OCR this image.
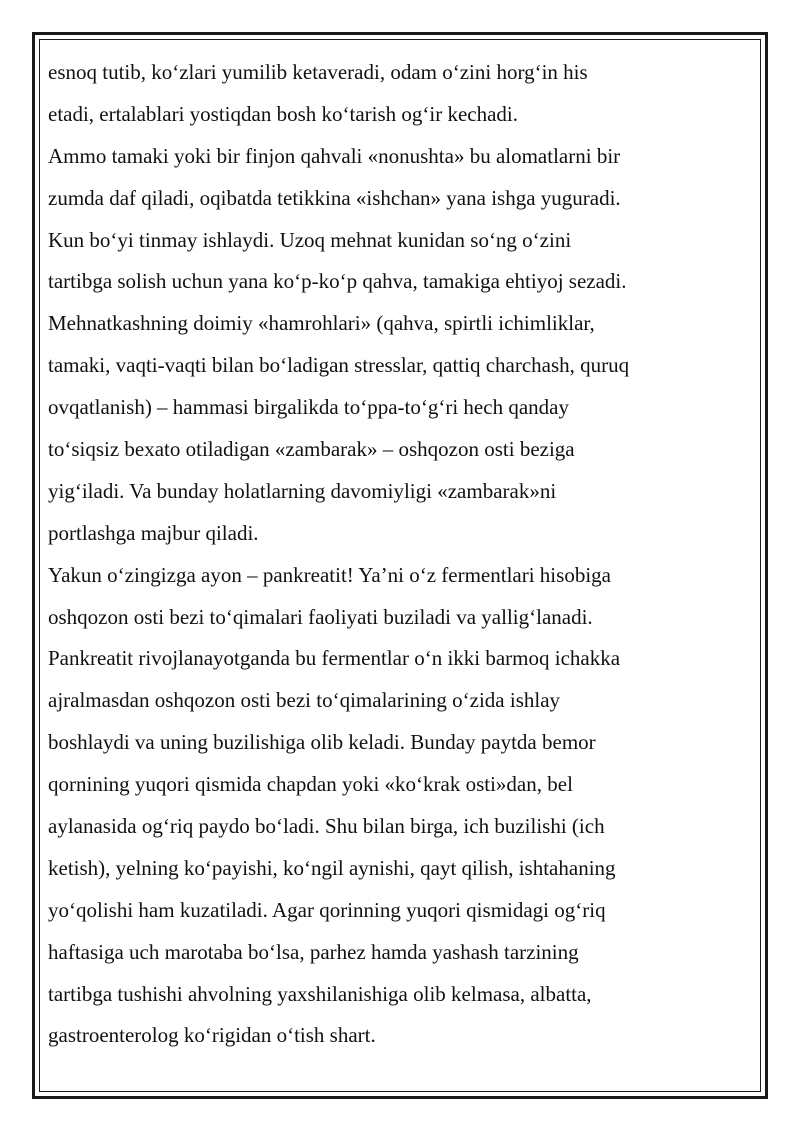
esnoq tutib, ko‘zlari yumilib ketaveradi, odam o‘zini horg‘in his
etadi, ertalablari yostiqdan bosh ko‘tarish og‘ir kechadi.
Ammo tamaki yoki bir finjon qahvali «nonushta» bu alomatlarni bir
zumda daf qiladi, oqibatda tetikkina «ishchan» yana ishga yuguradi.
Kun bo‘yi tinmay ishlaydi. Uzoq mehnat kunidan so‘ng o‘zini
tartibga solish uchun yana ko‘p-ko‘p qahva, tamakiga ehtiyoj sezadi.
Mehnatkashning doimiy «hamrohlari» (qahva, spirtli ichimliklar,
tamaki, vaqti-vaqti bilan bo‘ladigan stresslar, qattiq charchash, quruq
ovqatlanish) – hammasi birgalikda to‘ppa-to‘g‘ri hech qanday
to‘siqsiz bexato otiladigan «zambarak» – oshqozon osti beziga
yig‘iladi. Va bunday holatlarning davomiyligi «zambarak»ni
portlashga majbur qiladi.
Yakun o‘zingizga ayon – pankreatit! Ya’ni o‘z fermentlari hisobiga
oshqozon osti bezi to‘qimalari faoliyati buziladi va yallig‘lanadi.
Pankreatit rivojlanayotganda bu fermentlar o‘n ikki barmoq ichakka
ajralmasdan oshqozon osti bezi to‘qimalarining o‘zida ishlay
boshlaydi va uning buzilishiga olib keladi. Bunday paytda bemor
qornining yuqori qismida chapdan yoki «ko‘krak osti»dan, bel
aylanasida og‘riq paydo bo‘ladi. Shu bilan birga, ich buzilishi (ich
ketish), yelning ko‘payishi, ko‘ngil aynishi, qayt qilish, ishtahaning
yo‘qolishi ham kuzatiladi. Agar qorinning yuqori qismidagi og‘riq
haftasiga uch marotaba bo‘lsa, parhez hamda yashash tarzining
tartibga tushishi ahvolning yaxshilanishiga olib kelmasa, albatta,
gastroenterolog ko‘rigidan o‘tish shart.
